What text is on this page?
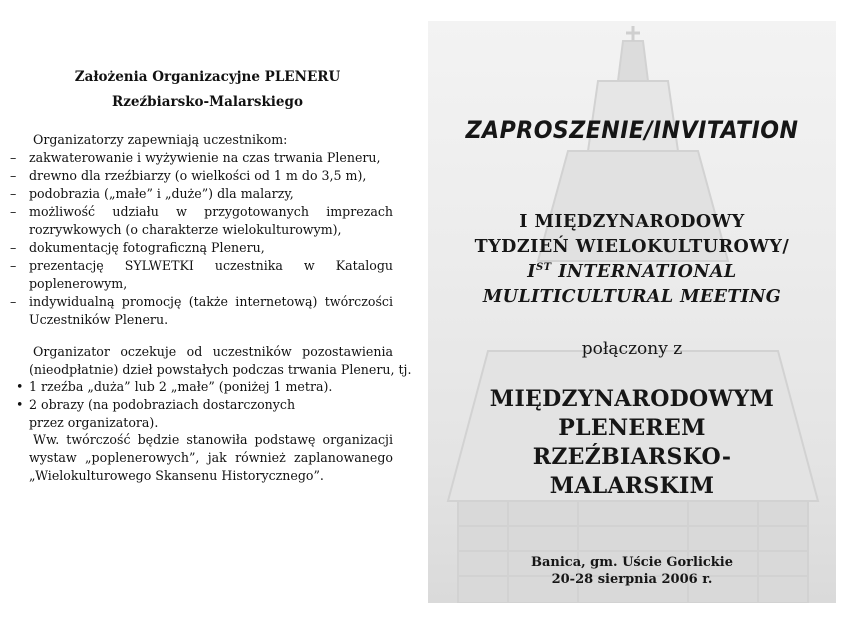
Założenia Organizacyjne PLENERU
Rzeźbiarsko-Malarskiego
Organizatorzy zapewniają uczestnikom:
– zakwaterowanie i wyżywienie na czas trwania Pleneru,
– drewno dla rzeźbiarzy (o wielkości od 1 m do 3,5 m),
– podobrazia („małe” i „duże”) dla malarzy,
– możliwość udziału w przygotowanych imprezach rozrywkowych (o charakterze wielokulturowym),
– dokumentację fotograficzną Pleneru,
– prezentację SYLWETKI uczestnika w Katalogu poplenerowym,
– indywidualną promocję (także internetową) twórczości Uczestników Pleneru.
Organizator oczekuje od uczestników pozostawienia
(nieodpłatnie) dzieł powstałych podczas trwania Pleneru, tj.
• 1 rzeźba „duża” lub 2 „małe” (poniżej 1 metra).
• 2 obrazy (na podobraziach dostarczonych przez organizatora).
Ww. twórczość będzie stanowiła podstawę organizacji
wystaw „poplenerowych”, jak również zaplanowanego
„Wielokulturowego Skansenu Historycznego”.
ZAPROSZENIE/INVITATION
I MIĘDZYNARODOWY
TYDZIEŃ WIELOKULTUROWY/
IST INTERNATIONAL
MULITICULTURAL MEETING
połączony z
MIĘDZYNARODOWYM
PLENEREM
RZEŹBIARSKO-
MALARSKIM
Banica, gm. Uście Gorlickie
20-28 sierpnia 2006 r.
